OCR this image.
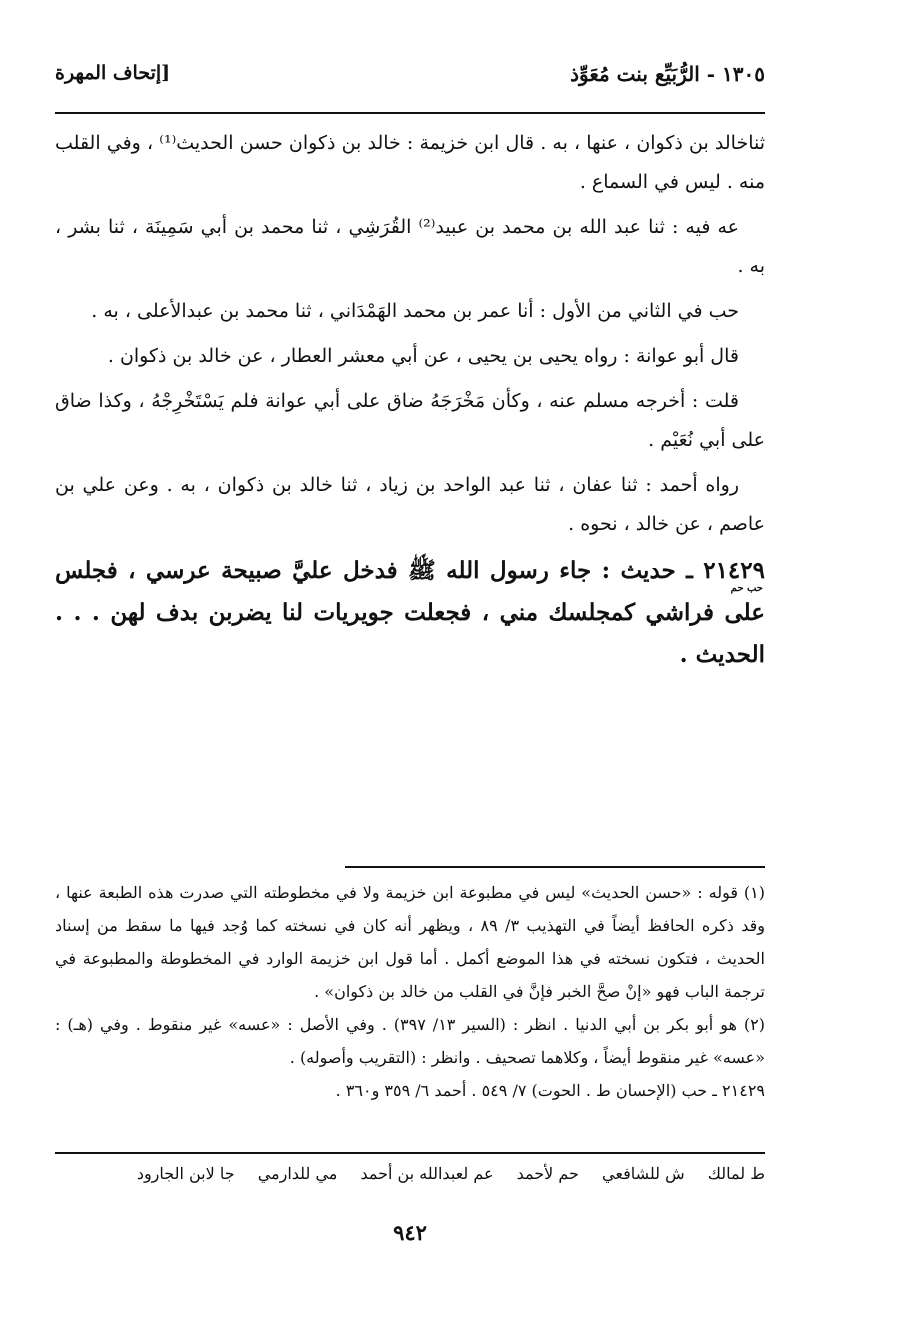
١٣٠٥ - الرُّبَيِّع بنت مُعَوِّذ
[إتحاف المهرة

ثناخالد بن ذكوان ، عنها ، به . قال ابن خزيمة : خالد بن ذكوان حسن الحديث⁽¹⁾ ، وفي القلب منه . ليس في السماع .

عه فيه : ثنا عبد الله بن محمد بن عبيد⁽²⁾ القُرَشِي ، ثنا محمد بن أبي سَمِينَة ، ثنا بشر ، به .

حب في الثاني من الأول : أنا عمر بن محمد الهَمْدَاني ، ثنا محمد بن عبدالأعلى ، به .

قال أبو عوانة : رواه يحيى بن يحيى ، عن أبي معشر العطار ، عن خالد بن ذكوان .

قلت : أخرجه مسلم عنه ، وكأن مَخْرَجَهُ ضاق على أبي عوانة فلم يَسْتَخْرِجْهُ ، وكذا ضاق على أبي نُعَيْم .

رواه أحمد : ثنا عفان ، ثنا عبد الواحد بن زياد ، ثنا خالد بن ذكوان ، به . وعن علي بن عاصم ، عن خالد ، نحوه .

٢١٤٢٩ ـ حديث : جاء رسول الله ﷺ فدخل عليَّ صبيحة عرسي ، فجلس على فراشي كمجلسك مني ، فجعلت جويريات لنا يضربن بدف لهن . . . الحديث .
حب حم

(١) قوله : «حسن الحديث» ليس في مطبوعة ابن خزيمة ولا في مخطوطته التي صدرت هذه الطبعة عنها ، وقد ذكره الحافظ أيضاً في التهذيب ٣/ ٨٩ ، ويظهر أنه كان في نسخته كما وُجد فيها ما سقط من إسناد الحديث ، فتكون نسخته في هذا الموضع أكمل . أما قول ابن خزيمة الوارد في المخطوطة والمطبوعة في ترجمة الباب فهو «إنْ صحَّ الخبر فإنَّ في القلب من خالد بن ذكوان» .

(٢) هو أبو بكر بن أبي الدنيا . انظر : (السير ١٣/ ٣٩٧) . وفي الأصل : «عسه» غير منقوط . وفي (هـ) : «عسه» غير منقوط أيضاً ، وكلاهما تصحيف . وانظر : (التقريب وأصوله) .

٢١٤٢٩ ـ حب (الإحسان ط . الحوت) ٧/ ٥٤٩ . أحمد ٦/ ٣٥٩ و٣٦٠ .

ط لمالك ش للشافعي حم لأحمد عم لعبدالله بن أحمد مي للدارمي جا لابن الجارود
٩٤٢
